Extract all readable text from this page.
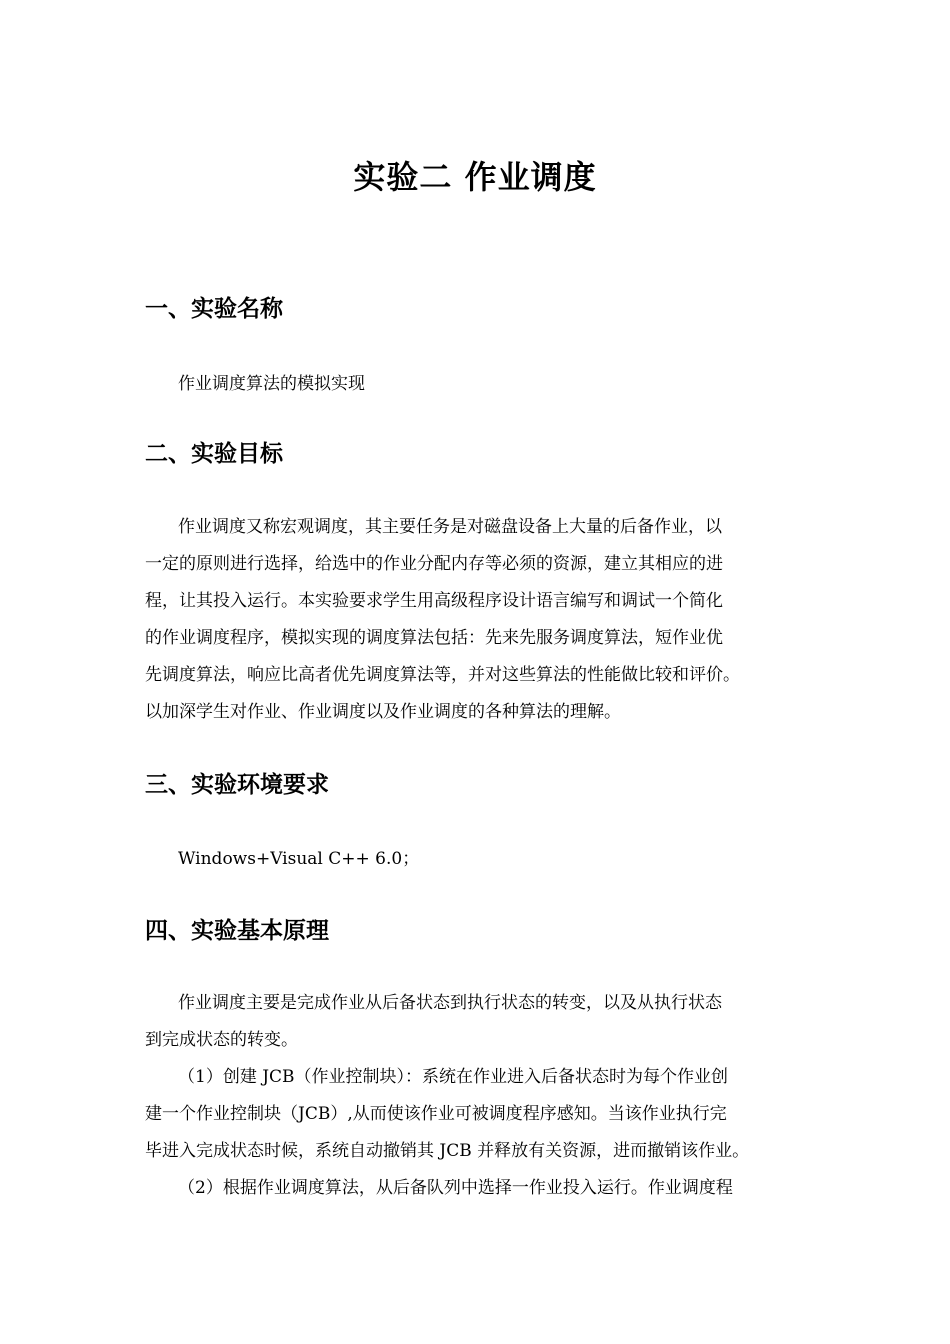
实验二 作业调度
一、实验名称
作业调度算法的模拟实现
二、实验目标
作业调度又称宏观调度，其主要任务是对磁盘设备上大量的后备作业，以
一定的原则进行选择，给选中的作业分配内存等必须的资源，建立其相应的进
程，让其投入运行。本实验要求学生用高级程序设计语言编写和调试一个简化
的作业调度程序，模拟实现的调度算法包括：先来先服务调度算法，短作业优
先调度算法，响应比高者优先调度算法等，并对这些算法的性能做比较和评价。
以加深学生对作业、作业调度以及作业调度的各种算法的理解。
三、实验环境要求
Windows+Visual C++ 6.0；
四、实验基本原理
作业调度主要是完成作业从后备状态到执行状态的转变，以及从执行状态
到完成状态的转变。
（1）创建 JCB（作业控制块）：系统在作业进入后备状态时为每个作业创
建一个作业控制块（JCB）,从而使该作业可被调度程序感知。当该作业执行完
毕进入完成状态时候，系统自动撤销其 JCB 并释放有关资源，进而撤销该作业。
（2）根据作业调度算法，从后备队列中选择一作业投入运行。作业调度程
